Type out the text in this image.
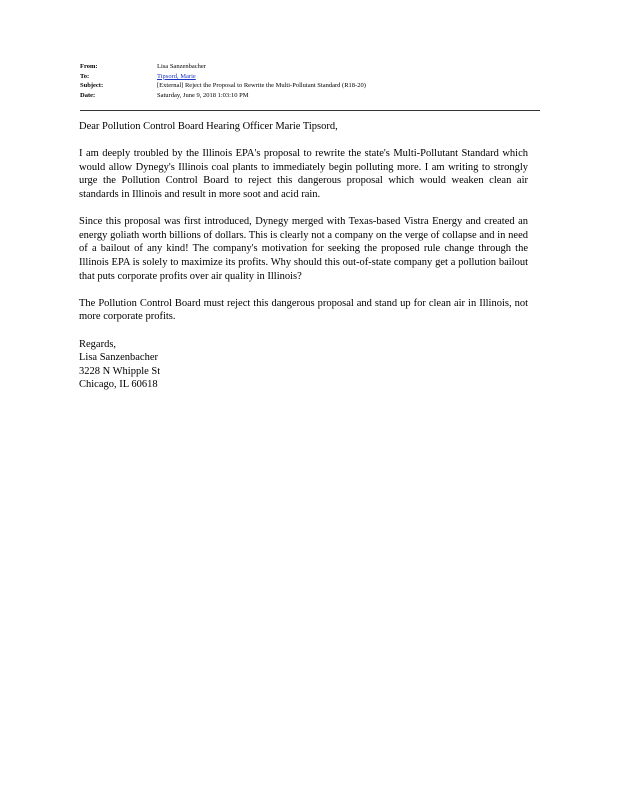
From:	Lisa Sanzenbacher
To:	Tipsord, Marie
Subject:	[External] Reject the Proposal to Rewrite the Multi-Pollutant Standard (R18-20)
Date:	Saturday, June 9, 2018 1:03:10 PM

Dear Pollution Control Board Hearing Officer Marie Tipsord,

I am deeply troubled by the Illinois EPA's proposal to rewrite the state's Multi-Pollutant Standard which would allow Dynegy's Illinois coal plants to immediately begin polluting more. I am writing to strongly urge the Pollution Control Board to reject this dangerous proposal which would weaken clean air standards in Illinois and result in more soot and acid rain.

Since this proposal was first introduced, Dynegy merged with Texas-based Vistra Energy and created an energy goliath worth billions of dollars. This is clearly not a company on the verge of collapse and in need of a bailout of any kind! The company's motivation for seeking the proposed rule change through the Illinois EPA is solely to maximize its profits. Why should this out-of-state company get a pollution bailout that puts corporate profits over air quality in Illinois?

The Pollution Control Board must reject this dangerous proposal and stand up for clean air in Illinois, not more corporate profits.

Regards,
Lisa Sanzenbacher
3228 N Whipple St
Chicago, IL 60618
